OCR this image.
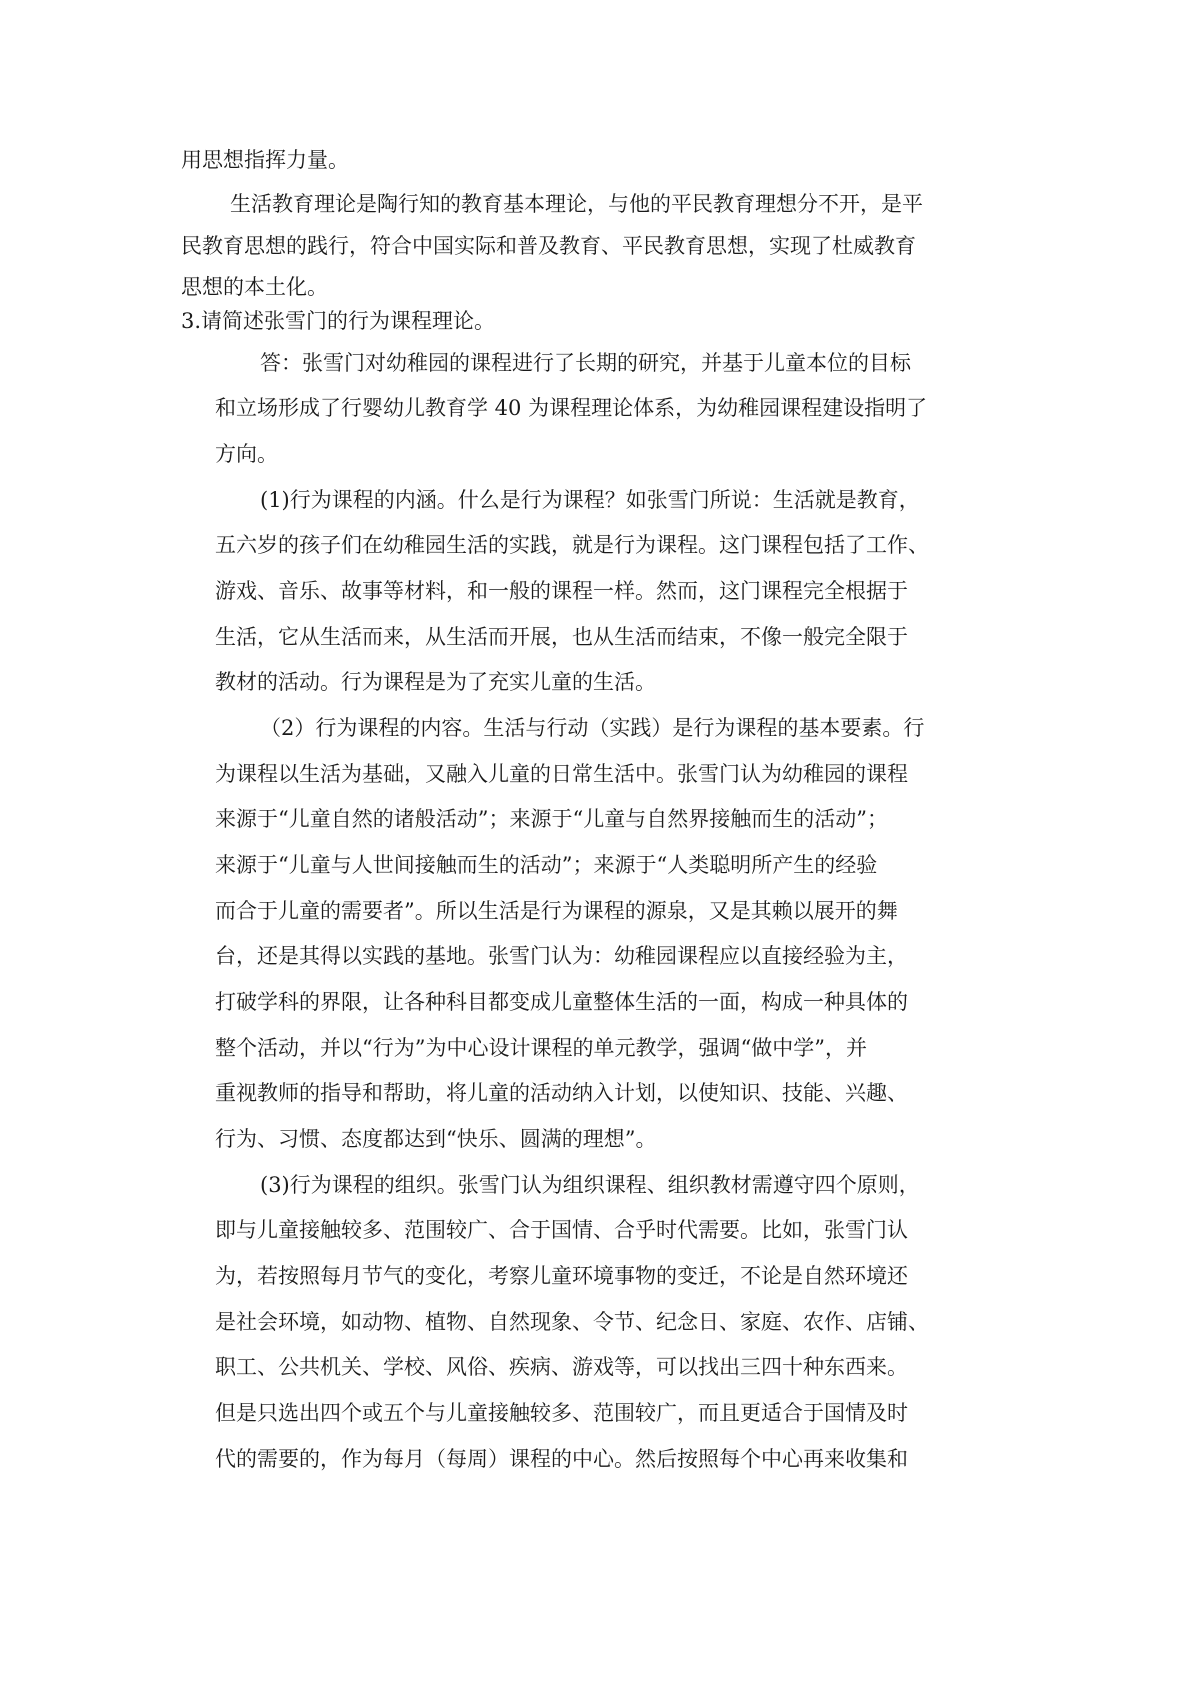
用思想指挥力量。

生活教育理论是陶行知的教育基本理论，与他的平民教育理想分不开，是平

民教育思想的践行，符合中国实际和普及教育、平民教育思想，实现了杜威教育

思想的本土化。

3.请简述张雪门的行为课程理论。

答：张雪门对幼稚园的课程进行了长期的研究，并基于儿童本位的目标

和立场形成了行婴幼儿教育学 40 为课程理论体系，为幼稚园课程建设指明了

方向。

(1)行为课程的内涵。什么是行为课程？如张雪门所说：生活就是教育，

五六岁的孩子们在幼稚园生活的实践，就是行为课程。这门课程包括了工作、

游戏、音乐、故事等材料，和一般的课程一样。然而，这门课程完全根据于

生活，它从生活而来，从生活而开展，也从生活而结束，不像一般完全限于

教材的活动。行为课程是为了充实儿童的生活。

（2）行为课程的内容。生活与行动（实践）是行为课程的基本要素。行

为课程以生活为基础，又融入儿童的日常生活中。张雪门认为幼稚园的课程

来源于“儿童自然的诸般活动”；来源于“儿童与自然界接触而生的活动”；

来源于“儿童与人世间接触而生的活动”；来源于“人类聪明所产生的经验

而合于儿童的需要者”。所以生活是行为课程的源泉，又是其赖以展开的舞

台，还是其得以实践的基地。张雪门认为：幼稚园课程应以直接经验为主，

打破学科的界限，让各种科目都变成儿童整体生活的一面，构成一种具体的

整个活动，并以“行为”为中心设计课程的单元教学，强调“做中学”，并

重视教师的指导和帮助，将儿童的活动纳入计划，以使知识、技能、兴趣、

行为、习惯、态度都达到“快乐、圆满的理想”。

(3)行为课程的组织。张雪门认为组织课程、组织教材需遵守四个原则，

即与儿童接触较多、范围较广、合于国情、合乎时代需要。比如，张雪门认

为，若按照每月节气的变化，考察儿童环境事物的变迁，不论是自然环境还

是社会环境，如动物、植物、自然现象、令节、纪念日、家庭、农作、店铺、

职工、公共机关、学校、风俗、疾病、游戏等，可以找出三四十种东西来。

但是只选出四个或五个与儿童接触较多、范围较广，而且更适合于国情及时

代的需要的，作为每月（每周）课程的中心。然后按照每个中心再来收集和
